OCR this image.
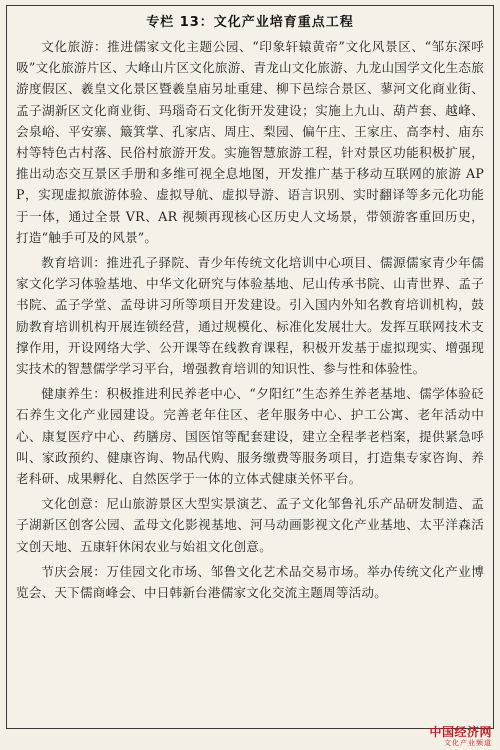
专栏 13：文化产业培育重点工程

文化旅游：推进儒家文化主题公园、“印象轩辕黄帝”文化风景区、“邹东深呼吸”文化旅游片区、大峰山片区文化旅游、青龙山文化旅游、九龙山国学文化生态旅游度假区、羲皇文化景区暨羲皇庙另址重建、柳下邑综合景区、蓼河文化商业街、孟子湖新区文化商业街、玛瑙奇石文化街开发建设；实施上九山、葫芦套、越峰、会泉峪、平安寨、簸箕掌、孔家店、周庄、梨园、偏午庄、王家庄、高李村、庙东村等特色古村落、民俗村旅游开发。实施智慧旅游工程，针对景区功能积极扩展，推出动态交互景区手册和多维可视全息地图，开发推广基于移动互联网的旅游 APP，实现虚拟旅游体验、虚拟导航、虚拟导游、语言识别、实时翻译等多元化功能于一体，通过全景 VR、AR 视频再现核心区历史人文场景，带领游客重回历史，打造“触手可及的风景”。

教育培训：推进孔子驿院、青少年传统文化培训中心项目、儒源儒家青少年儒家文化学习体验基地、中华文化研究与体验基地、尼山传承书院、山青世界、孟子书院、孟子学堂、孟母讲习所等项目开发建设。引入国内外知名教育培训机构，鼓励教育培训机构开展连锁经营，通过规模化、标准化发展壮大。发挥互联网技术支撑作用，开设网络大学、公开课等在线教育课程，积极开发基于虚拟现实、增强现实技术的智慧儒学学习平台，增强教育培训的知识性、参与性和体验性。

健康养生：积极推进利民养老中心、“夕阳红”生态养生养老基地、儒学体验砭石养生文化产业园建设。完善老年住区、老年服务中心、护工公寓、老年活动中心、康复医疗中心、药膳房、国医馆等配套建设，建立全程孝老档案，提供紧急呼叫、家政预约、健康咨询、物品代购、服务缴费等服务项目，打造集专家咨询、养老科研、成果孵化、自然医学于一体的立体式健康关怀平台。

文化创意：尼山旅游景区大型实景演艺、孟子文化邹鲁礼乐产品研发制造、孟子湖新区创客公园、孟母文化影视基地、河马动画影视文化产业基地、太平洋森活文创天地、五康轩休闲农业与始祖文化创意。

节庆会展：万佳园文化市场、邹鲁文化艺术品交易市场。举办传统文化产业博览会、天下儒商峰会、中日韩新台港儒家文化交流主题周等活动。

中国经济网
文化产业频道
